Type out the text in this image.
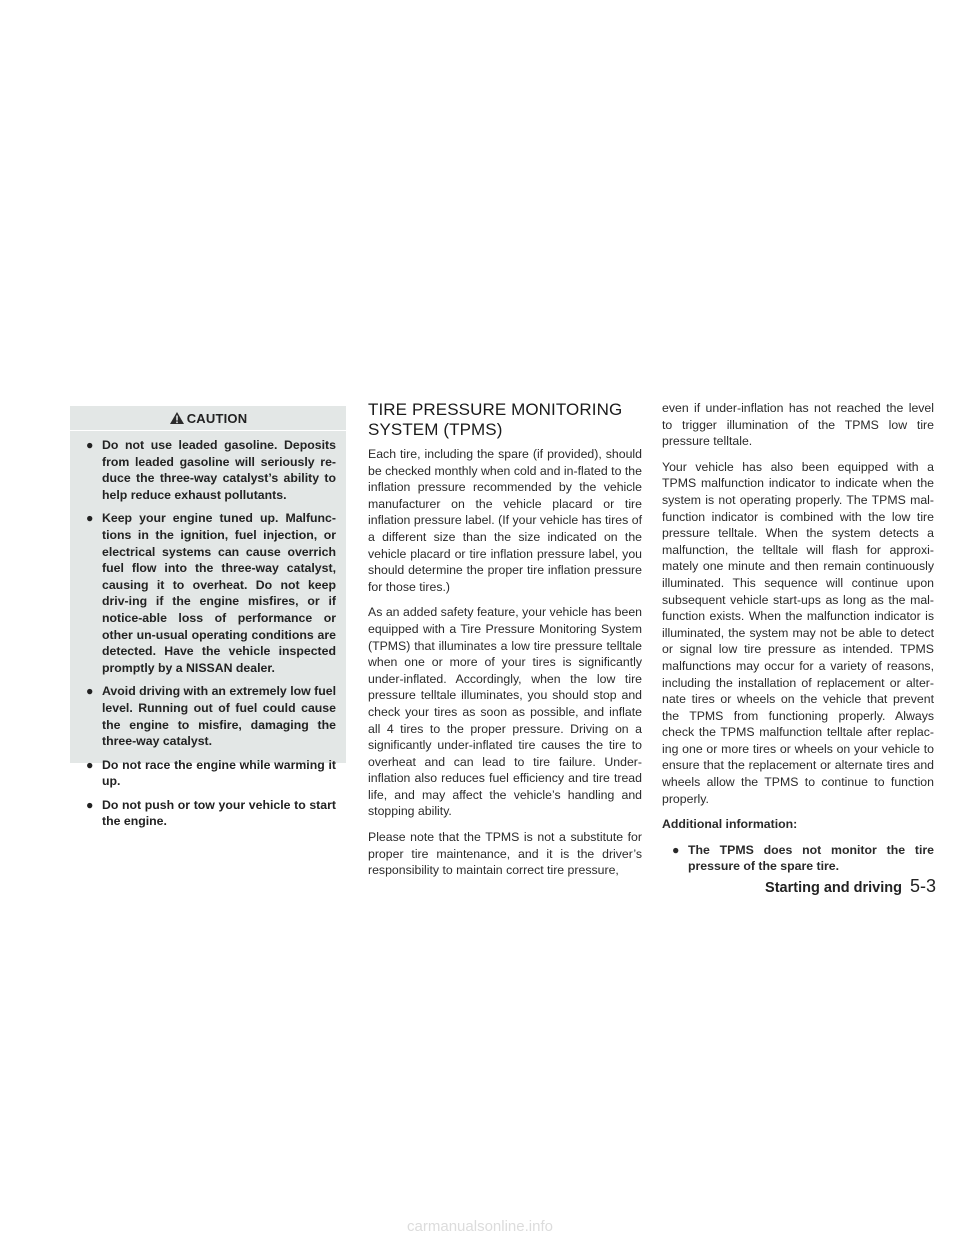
CAUTION
● Do not use leaded gasoline. Deposits from leaded gasoline will seriously re-duce the three-way catalyst’s ability to help reduce exhaust pollutants.
● Keep your engine tuned up. Malfunc-tions in the ignition, fuel injection, or electrical systems can cause overrich fuel flow into the three-way catalyst, causing it to overheat. Do not keep driv-ing if the engine misfires, or if notice-able loss of performance or other un-usual operating conditions are detected. Have the vehicle inspected promptly by a NISSAN dealer.
● Avoid driving with an extremely low fuel level. Running out of fuel could cause the engine to misfire, damaging the three-way catalyst.
● Do not race the engine while warming it up.
● Do not push or tow your vehicle to start the engine.
TIRE PRESSURE MONITORING SYSTEM (TPMS)

Each tire, including the spare (if provided), should be checked monthly when cold and in-flated to the inflation pressure recommended by the vehicle manufacturer on the vehicle placard or tire inflation pressure label. (If your vehicle has tires of a different size than the size indicated on the vehicle placard or tire inflation pressure label, you should determine the proper tire inflation pressure for those tires.)

As an added safety feature, your vehicle has been equipped with a Tire Pressure Monitoring System (TPMS) that illuminates a low tire pressure telltale when one or more of your tires is significantly under-inflated. Accordingly, when the low tire pressure telltale illuminates, you should stop and check your tires as soon as possible, and inflate all 4 tires to the proper pressure. Driving on a significantly under-inflated tire causes the tire to overheat and can lead to tire failure. Under-inflation also reduces fuel efficiency and tire tread life, and may affect the vehicle’s handling and stopping ability.

Please note that the TPMS is not a substitute for proper tire maintenance, and it is the driver’s responsibility to maintain correct tire pressure,

even if under-inflation has not reached the level to trigger illumination of the TPMS low tire pressure telltale.

Your vehicle has also been equipped with a TPMS malfunction indicator to indicate when the system is not operating properly. The TPMS mal-function indicator is combined with the low tire pressure telltale. When the system detects a malfunction, the telltale will flash for approxi-mately one minute and then remain continuously illuminated. This sequence will continue upon subsequent vehicle start-ups as long as the mal-function exists. When the malfunction indicator is illuminated, the system may not be able to detect or signal low tire pressure as intended. TPMS malfunctions may occur for a variety of reasons, including the installation of replacement or alter-nate tires or wheels on the vehicle that prevent the TPMS from functioning properly. Always check the TPMS malfunction telltale after replac-ing one or more tires or wheels on your vehicle to ensure that the replacement or alternate tires and wheels allow the TPMS to continue to function properly.

Additional information:

● The TPMS does not monitor the tire pressure of the spare tire.
Starting and driving 5-3
carmanualsonline.info
